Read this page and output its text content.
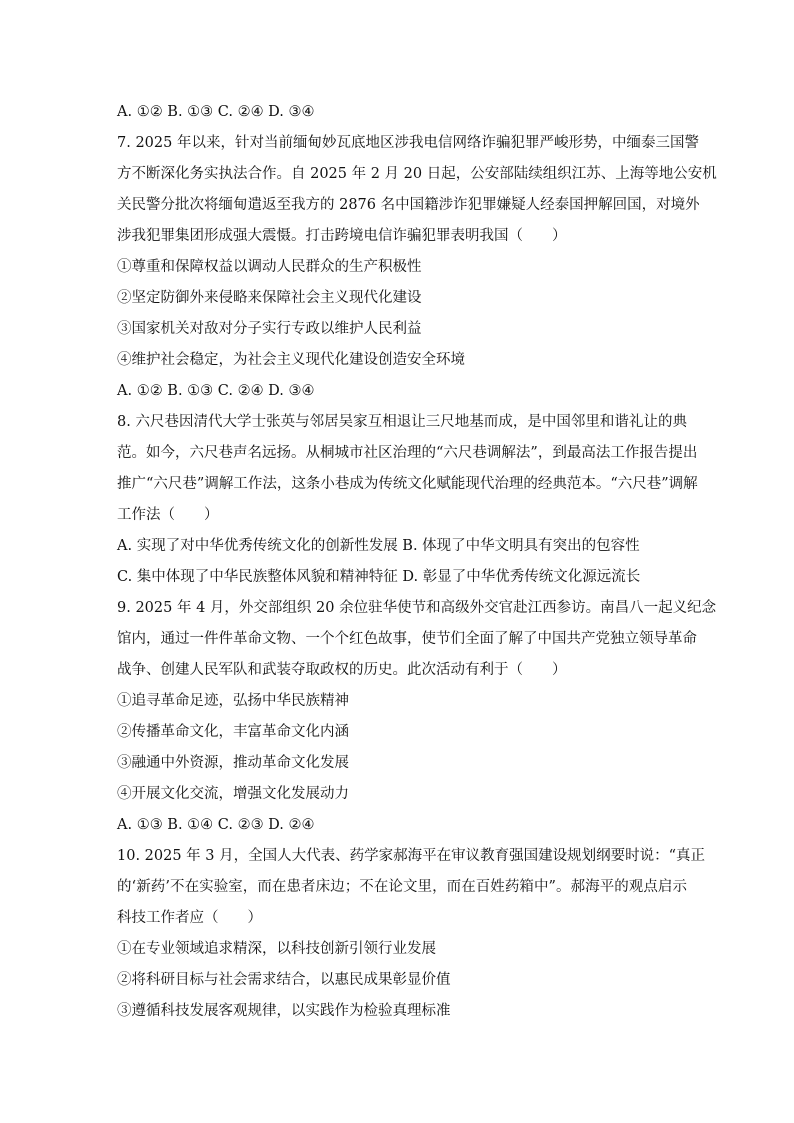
A. ①② B. ①③ C. ②④ D. ③④
7. 2025 年以来，针对当前缅甸妙瓦底地区涉我电信网络诈骗犯罪严峻形势，中缅泰三国警
方不断深化务实执法合作。自 2025 年 2 月 20 日起，公安部陆续组织江苏、上海等地公安机
关民警分批次将缅甸遣返至我方的 2876 名中国籍涉诈犯罪嫌疑人经泰国押解回国，对境外
涉我犯罪集团形成强大震慑。打击跨境电信诈骗犯罪表明我国（　　）
①尊重和保障权益以调动人民群众的生产积极性
②坚定防御外来侵略来保障社会主义现代化建设
③国家机关对敌对分子实行专政以维护人民利益
④维护社会稳定，为社会主义现代化建设创造安全环境
A. ①② B. ①③ C. ②④ D. ③④
8. 六尺巷因清代大学士张英与邻居吴家互相退让三尺地基而成，是中国邻里和谐礼让的典
范。如今，六尺巷声名远扬。从桐城市社区治理的“六尺巷调解法”，到最高法工作报告提出
推广“六尺巷”调解工作法，这条小巷成为传统文化赋能现代治理的经典范本。“六尺巷”调解
工作法（　　）
A. 实现了对中华优秀传统文化的创新性发展 B. 体现了中华文明具有突出的包容性
C. 集中体现了中华民族整体风貌和精神特征 D. 彰显了中华优秀传统文化源远流长
9. 2025 年 4 月，外交部组织 20 余位驻华使节和高级外交官赴江西参访。南昌八一起义纪念
馆内，通过一件件革命文物、一个个红色故事，使节们全面了解了中国共产党独立领导革命
战争、创建人民军队和武装夺取政权的历史。此次活动有利于（　　）
①追寻革命足迹，弘扬中华民族精神
②传播革命文化，丰富革命文化内涵
③融通中外资源，推动革命文化发展
④开展文化交流，增强文化发展动力
A. ①③ B. ①④ C. ②③ D. ②④
10. 2025 年 3 月，全国人大代表、药学家郝海平在审议教育强国建设规划纲要时说：“真正
的‘新药’不在实验室，而在患者床边；不在论文里，而在百姓药箱中”。郝海平的观点启示
科技工作者应（　　）
①在专业领域追求精深，以科技创新引领行业发展
②将科研目标与社会需求结合，以惠民成果彰显价值
③遵循科技发展客观规律，以实践作为检验真理标准
